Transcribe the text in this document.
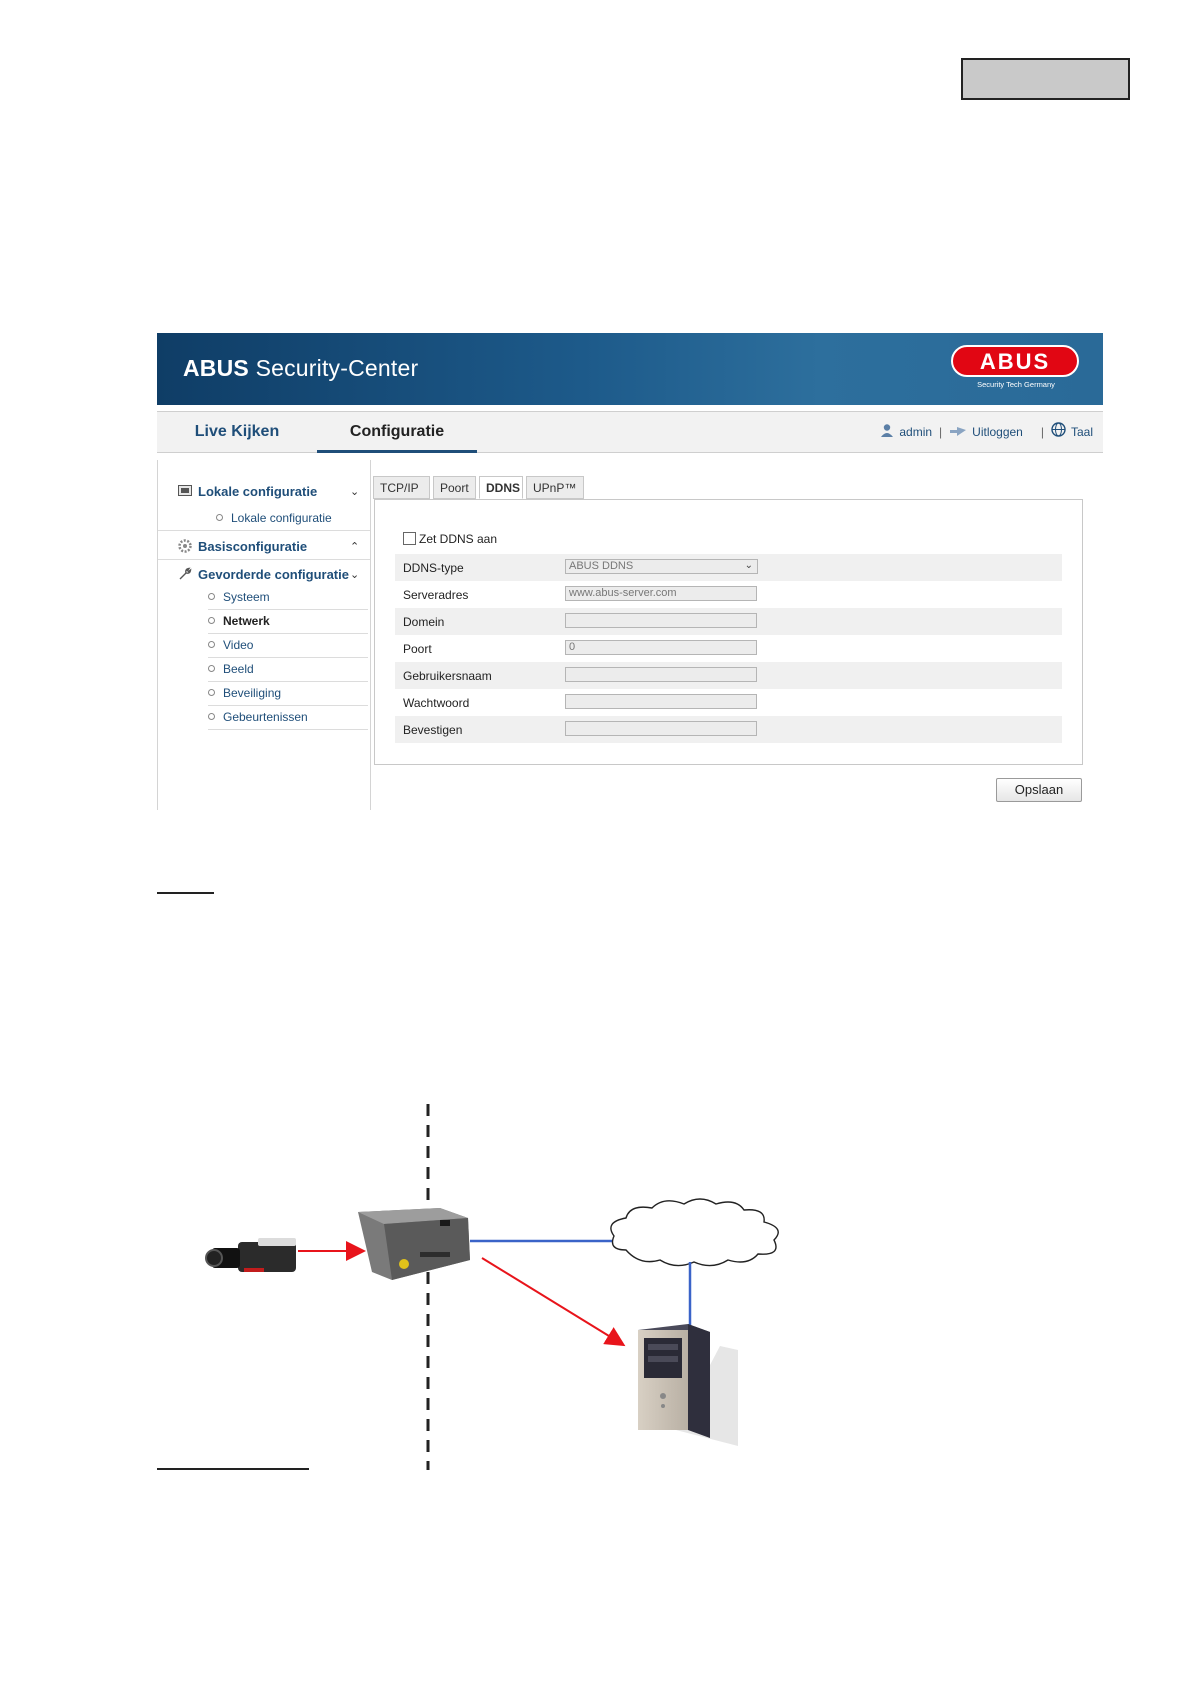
ABUS Security-Center	ABUS
Security Tech Germany
Live Kijken	Configuratie	admin |	Uitloggen | Taal
Lokale configuratie	⌄
Lokale configuratie
Basisconfiguratie	⌃
Gevorderde configuratie ⌄
Systeem
Netwerk
Video
Beeld
Beveiliging
Gebeurtenissen
TCP/IP	Poort	DDNS	UPnP™
Zet DDNS aan
DDNS-type	ABUS DDNS	⌄
Serveradres	www.abus-server.com
Domein
Poort	0
Gebruikersnaam
Wachtwoord
Bevestigen
Opslaan
